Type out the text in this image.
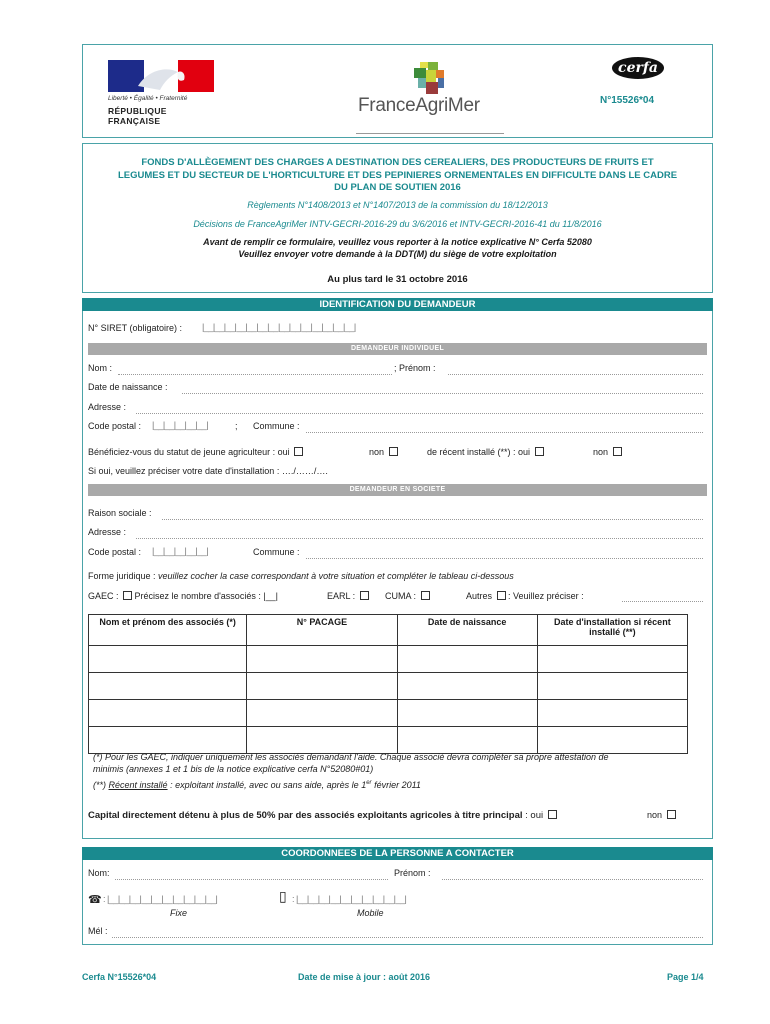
Liberté • Égalité • Fraternité
RÉPUBLIQUE FRANÇAISE
FranceAgriMer
cerfa
N°15526*04
FONDS D'ALLÈGEMENT DES CHARGES A DESTINATION DES CEREALIERS, DES PRODUCTEURS DE FRUITS ET
LEGUMES ET DU SECTEUR DE L'HORTICULTURE ET DES PEPINIERES ORNEMENTALES EN DIFFICULTE DANS LE CADRE
DU PLAN DE SOUTIEN 2016
Règlements N°1408/2013 et N°1407/2013 de la commission du 18/12/2013
Décisions de FranceAgriMer INTV-GECRI-2016-29 du 3/6/2016 et INTV-GECRI-2016-41 du 11/8/2016
Avant de remplir ce formulaire, veuillez vous reporter à la notice explicative N° Cerfa 52080
Veuillez envoyer votre demande à la DDT(M) du siège de votre exploitation
Au plus tard le 31 octobre 2016
IDENTIFICATION DU DEMANDEUR
N° SIRET (obligatoire) : |__|__|__|__|__|__|__|__|__|__|__|__|__|__|
DEMANDEUR INDIVIDUEL
Nom :	; Prénom :
Date de naissance :
Adresse :
Code postal : |__|__|__|__|__|	; Commune :
Bénéficiez-vous du statut de jeune agriculteur : oui	non	de récent installé (**) : oui	non
Si oui, veuillez préciser votre date d'installation : …./……/….
DEMANDEUR EN SOCIETE
Raison sociale :
Adresse :
Code postal : |__|__|__|__|__|	Commune :
Forme juridique : veuillez cocher la case correspondant à votre situation et compléter le tableau ci-dessous
GAEC : Précisez le nombre d'associés : |__|	EARL :	CUMA :	Autres : Veuillez préciser :
Nom et prénom des associés (*)	N° PACAGE	Date de naissance	Date d'installation si récent installé (**)

(*) Pour les GAEC, indiquer uniquement les associés demandant l'aide. Chaque associé devra compléter sa propre attestation de
minimis (annexes 1 et 1 bis de la notice explicative cerfa N°52080#01)
(**) Récent installé : exploitant installé, avec ou sans aide, après le 1er février 2011
Capital directement détenu à plus de 50% par des associés exploitants agricoles à titre principal : oui	non
COORDONNEES DE LA PERSONNE A CONTACTER
Nom:	Prénom :
☎ : |__|__|__|__|__|__|__|__|__|__|	▯ : |__|__|__|__|__|__|__|__|__|__|
Fixe	Mobile
Mél :
Cerfa N°15526*04	Date de mise à jour : août 2016	Page 1/4
